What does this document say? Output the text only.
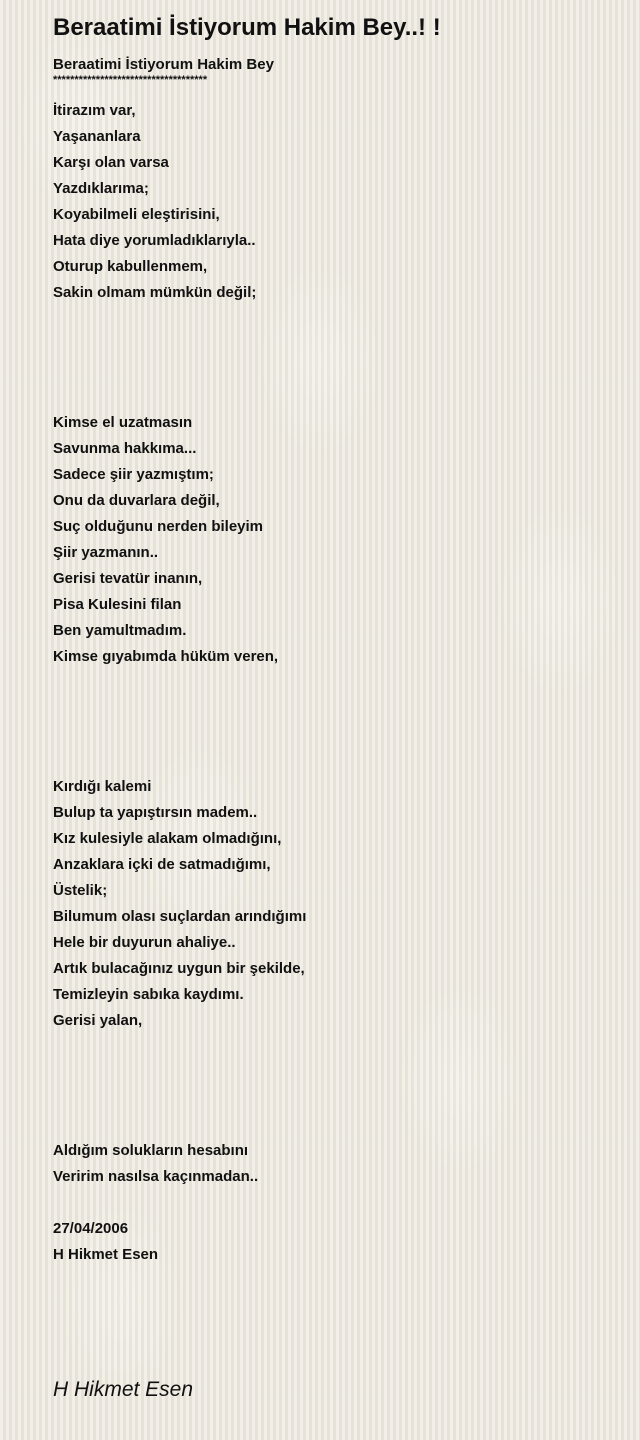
Beraatimi İstiyorum Hakim Bey..! !
Beraatimi İstiyorum Hakim Bey
************************************
İtirazım var,
Yaşananlara
Karşı olan varsa
Yazdıklarıma;
Koyabilmeli eleştirisini,
Hata diye yorumladıklarıyla..
Oturup kabullenmem,
Sakin olmam mümkün değil;
Kimse el uzatmasın
Savunma hakkıma...
Sadece şiir yazmıştım;
Onu da duvarlara değil,
Suç olduğunu nerden bileyim
Şiir yazmanın..
Gerisi tevatür inanın,
Pisa Kulesini filan
Ben yamultmadım.
Kimse gıyabımda hüküm veren,
Kırdığı kalemi
Bulup ta yapıştırsın madem..
Kız kulesiyle alakam olmadığını,
Anzaklara içki de satmadığımı,
Üstelik;
Bilumum olası suçlardan arındığımı
Hele bir duyurun ahaliye..
Artık bulacağınız uygun bir şekilde,
Temizleyin sabıka kaydımı.
Gerisi yalan,
Aldığım solukların hesabını
Veririm nasılsa kaçınmadan..
27/04/2006
H Hikmet Esen
H Hikmet Esen
